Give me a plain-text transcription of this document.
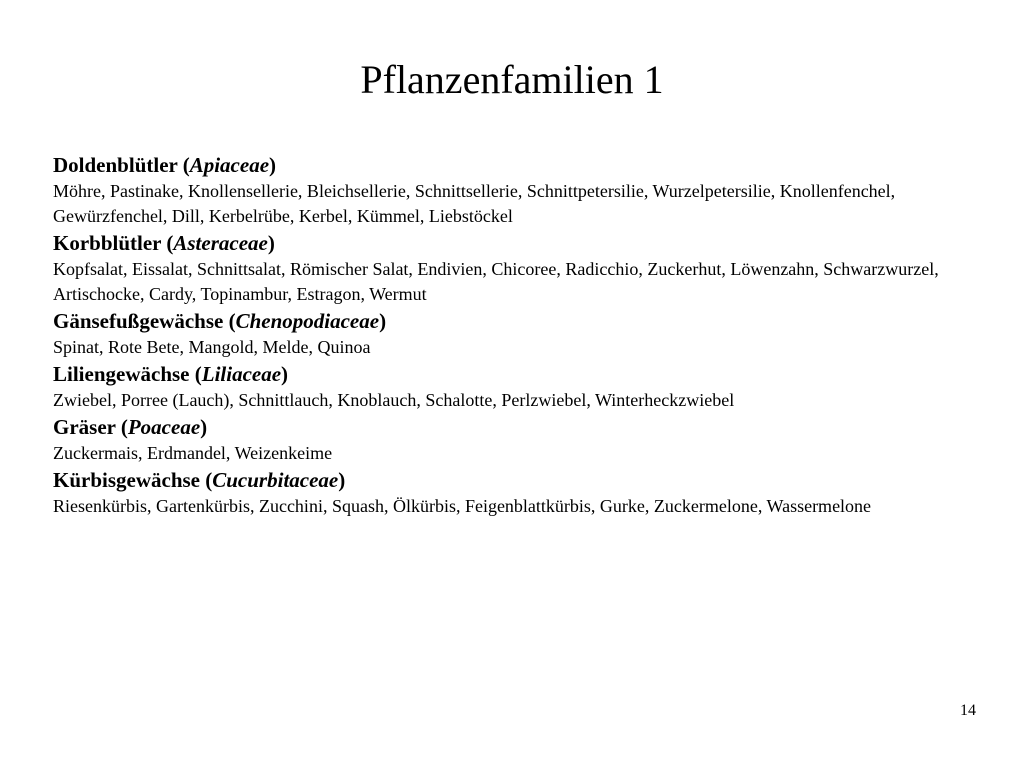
Pflanzenfamilien 1
Doldenblütler (Apiaceae)

Möhre, Pastinake, Knollensellerie, Bleichsellerie, Schnittsellerie, Schnittpetersilie, Wurzelpetersilie, Knollenfenchel, Gewürzfenchel, Dill, Kerbelrübe, Kerbel, Kümmel, Liebstöckel

Korbblütler (Asteraceae)

Kopfsalat, Eissalat, Schnittsalat, Römischer Salat, Endivien, Chicoree, Radicchio, Zuckerhut, Löwenzahn, Schwarzwurzel, Artischocke, Cardy, Topinambur, Estragon, Wermut

Gänsefußgewächse (Chenopodiaceae)

Spinat, Rote Bete, Mangold, Melde, Quinoa

Liliengewächse (Liliaceae)

Zwiebel, Porree (Lauch), Schnittlauch, Knoblauch, Schalotte, Perlzwiebel, Winterheckzwiebel

Gräser (Poaceae)

Zuckermais, Erdmandel, Weizenkeime

Kürbisgewächse (Cucurbitaceae)

Riesenkürbis, Gartenkürbis, Zucchini, Squash, Ölkürbis, Feigenblattkürbis, Gurke, Zuckermelone, Wassermelone

14
